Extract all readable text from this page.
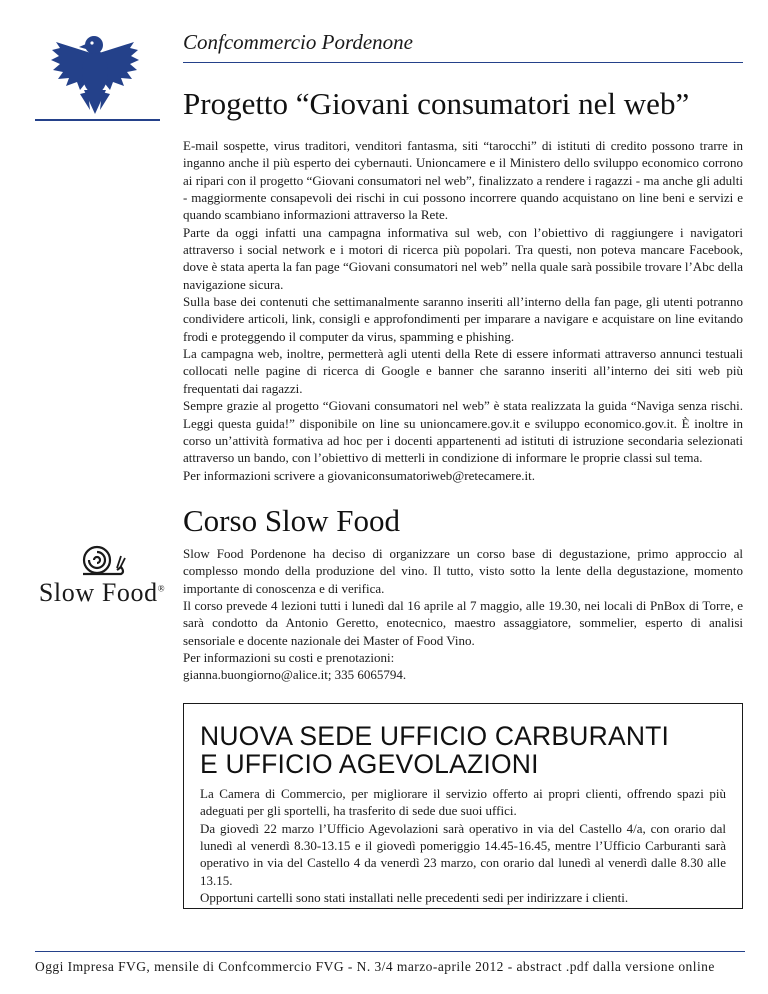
Confcommercio Pordenone
Progetto “Giovani consumatori nel web”

E-mail sospette, virus traditori, venditori fantasma, siti “tarocchi” di istituti di credito possono trarre in inganno anche il più esperto dei cybernauti. Unioncamere e il Ministero dello sviluppo economico corrono ai ripari con il progetto “Giovani consumatori nel web”, finalizzato a rendere i ragazzi - ma anche gli adulti - maggiormente consapevoli dei rischi in cui possono incorrere quando acquistano on line beni e servizi e quando scambiano informazioni attraverso la Rete.

Parte da oggi infatti una campagna informativa sul web, con l’obiettivo di raggiungere i navigatori attraverso i social network e i motori di ricerca più popolari. Tra questi, non poteva mancare Facebook, dove è stata aperta la fan page “Giovani consumatori nel web” nella quale sarà possibile trovare l’Abc della navigazione sicura.

Sulla base dei contenuti che settimanalmente saranno inseriti all’interno della fan page, gli utenti potranno condividere articoli, link, consigli e approfondimenti per imparare a navigare e acquistare on line evitando frodi e proteggendo il computer da virus, spamming e phishing.

La campagna web, inoltre, permetterà agli utenti della Rete di essere informati attraverso annunci testuali collocati nelle pagine di ricerca di Google e banner che saranno inseriti all’interno dei siti web più frequentati dai ragazzi.

Sempre grazie al progetto “Giovani consumatori nel web” è stata realizzata la guida “Naviga senza rischi. Leggi questa guida!” disponibile on line su unioncamere.gov.it e sviluppo economico.gov.it. È inoltre in corso un’attività formativa ad hoc per i docenti appartenenti ad istituti di istruzione secondaria selezionati attraverso un bando, con l’obiettivo di metterli in condizione di informare le proprie classi sul tema.

Per informazioni scrivere a giovaniconsumatoriweb@retecamere.it.

Corso Slow Food
Slow Food®

Slow Food Pordenone ha deciso di organizzare un corso base di degustazione, primo approccio al complesso mondo della produzione del vino. Il tutto, visto sotto la lente della degustazione, momento importante di conoscenza e di verifica.

Il corso prevede 4 lezioni tutti i lunedì dal 16 aprile al 7 maggio, alle 19.30, nei locali di PnBox di Torre, e sarà condotto da Antonio Geretto, enotecnico, maestro assaggiatore, sommelier, esperto di analisi sensoriale e docente nazionale dei Master of Food Vino.

Per informazioni su costi e prenotazioni:

gianna.buongiorno@alice.it; 335 6065794.

NUOVA SEDE UFFICIO CARBURANTI
E UFFICIO AGEVOLAZIONI

La Camera di Commercio, per migliorare il servizio offerto ai propri clienti, offrendo spazi più adeguati per gli sportelli, ha trasferito di sede due suoi uffici.

Da giovedì 22 marzo l’Ufficio Agevolazioni sarà operativo in via del Castello 4/a, con orario dal lunedì al venerdì 8.30-13.15 e il giovedì pomeriggio 14.45-16.45, mentre l’Ufficio Carburanti sarà operativo in via del Castello 4 da venerdì 23 marzo, con orario dal lunedì al venerdì dalle 8.30 alle 13.15.

Opportuni cartelli sono stati installati nelle precedenti sedi per indirizzare i clienti.

Oggi Impresa FVG, mensile di Confcommercio FVG - N. 3/4 marzo-aprile 2012 - abstract .pdf dalla versione online
